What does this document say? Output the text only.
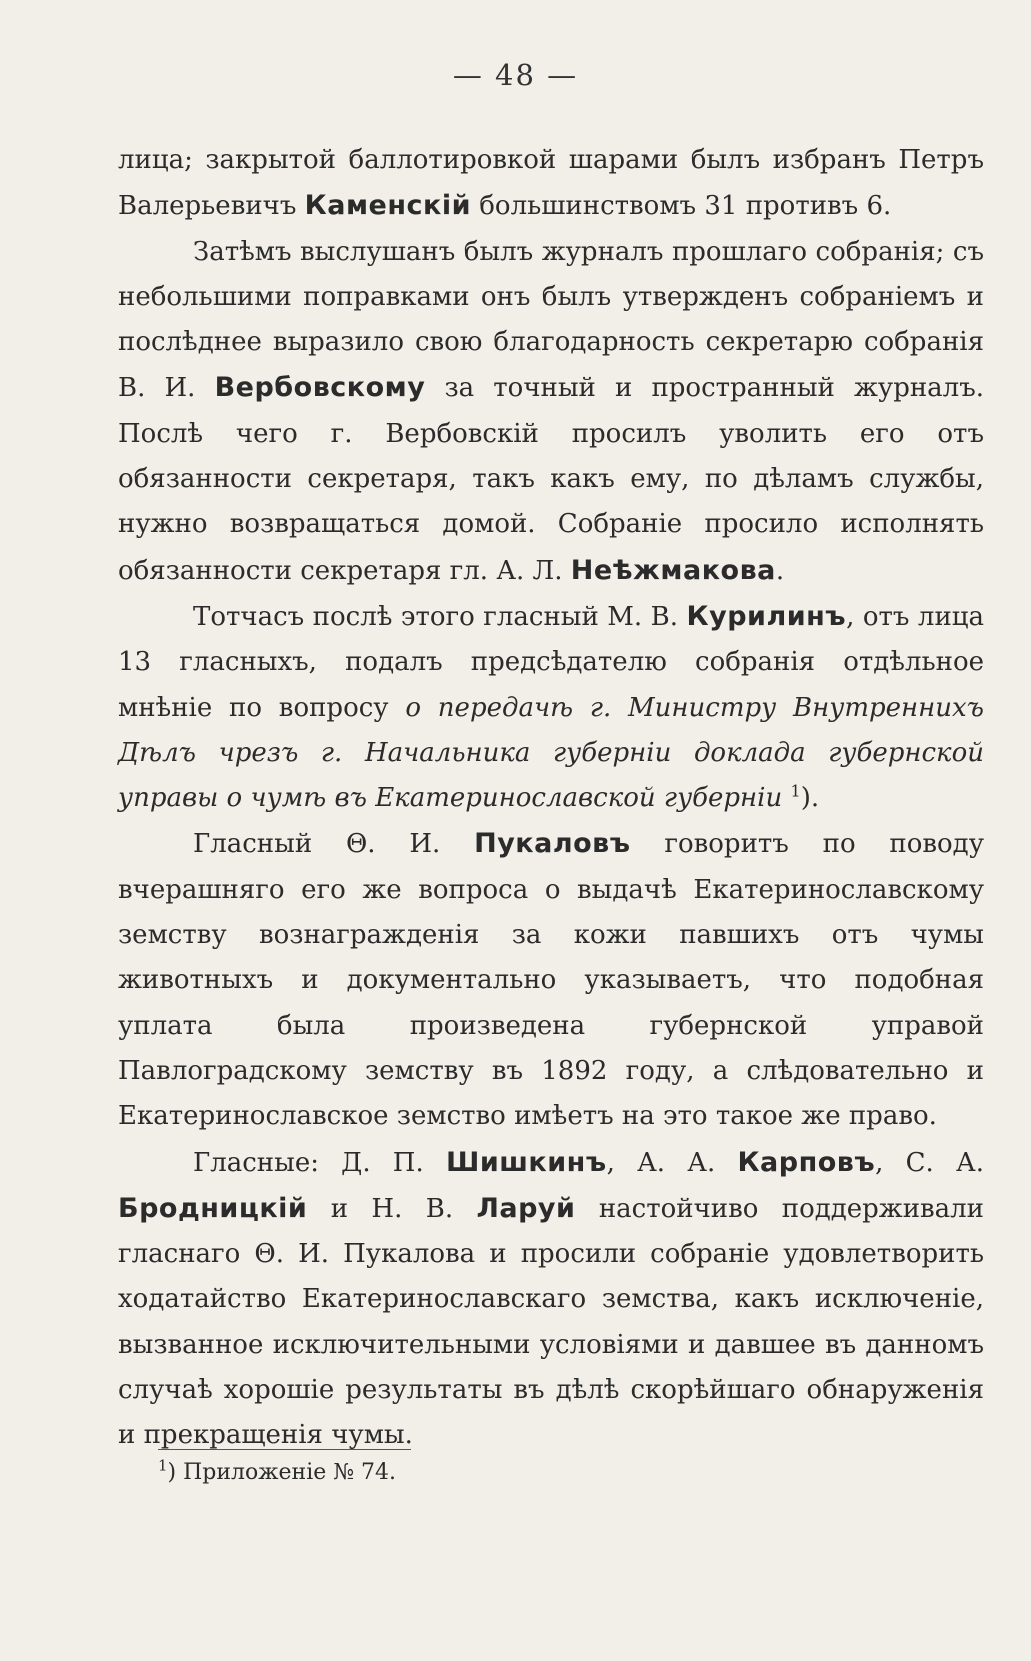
— 48 —

лица; закрытой баллотировкой шарами былъ избранъ Петръ Валерьевичъ Каменскій большинствомъ 31 противъ 6.

Затѣмъ выслушанъ былъ журналъ прошлаго собранія; съ небольшими поправками онъ былъ утвержденъ собраніемъ и послѣднее выразило свою благодарность секретарю собранія В. И. Вербовскому за точный и пространный журналъ. Послѣ чего г. Вербовскій просилъ уволить его отъ обязанности секретаря, такъ какъ ему, по дѣламъ службы, нужно возвращаться домой. Собраніе просило исполнять обязанности секретаря гл. А. Л. Неѣжмакова.

Тотчасъ послѣ этого гласный М. В. Курилинъ, отъ лица 13 гласныхъ, подалъ предсѣдателю собранія отдѣльное мнѣніе по вопросу о передачѣ г. Министру Внутреннихъ Дѣлъ чрезъ г. Начальника губерніи доклада губернской управы о чумѣ въ Екатеринославской губерніи $^1$).

Гласный Θ. И. Пукаловъ говоритъ по поводу вчерашняго его же вопроса о выдачѣ Екатеринославскому земству вознагражденія за кожи павшихъ отъ чумы животныхъ и документально указываетъ, что подобная уплата была произведена губернской управой Павлоградскому земству въ 1892 году, а слѣдовательно и Екатеринославское земство имѣетъ на это такое же право.

Гласные: Д. П. Шишкинъ, А. А. Карповъ, С. А. Бродницкій и Н. В. Ларуй настойчиво поддерживали гласнаго Θ. И. Пукалова и просили собраніе удовлетворить ходатайство Екатеринославскаго земства, какъ исключеніе, вызванное исключительными условіями и давшее въ данномъ случаѣ хорошіе результаты въ дѣлѣ скорѣйшаго обнаруженія и прекращенія чумы.

$^1$) Приложеніе № 74.
